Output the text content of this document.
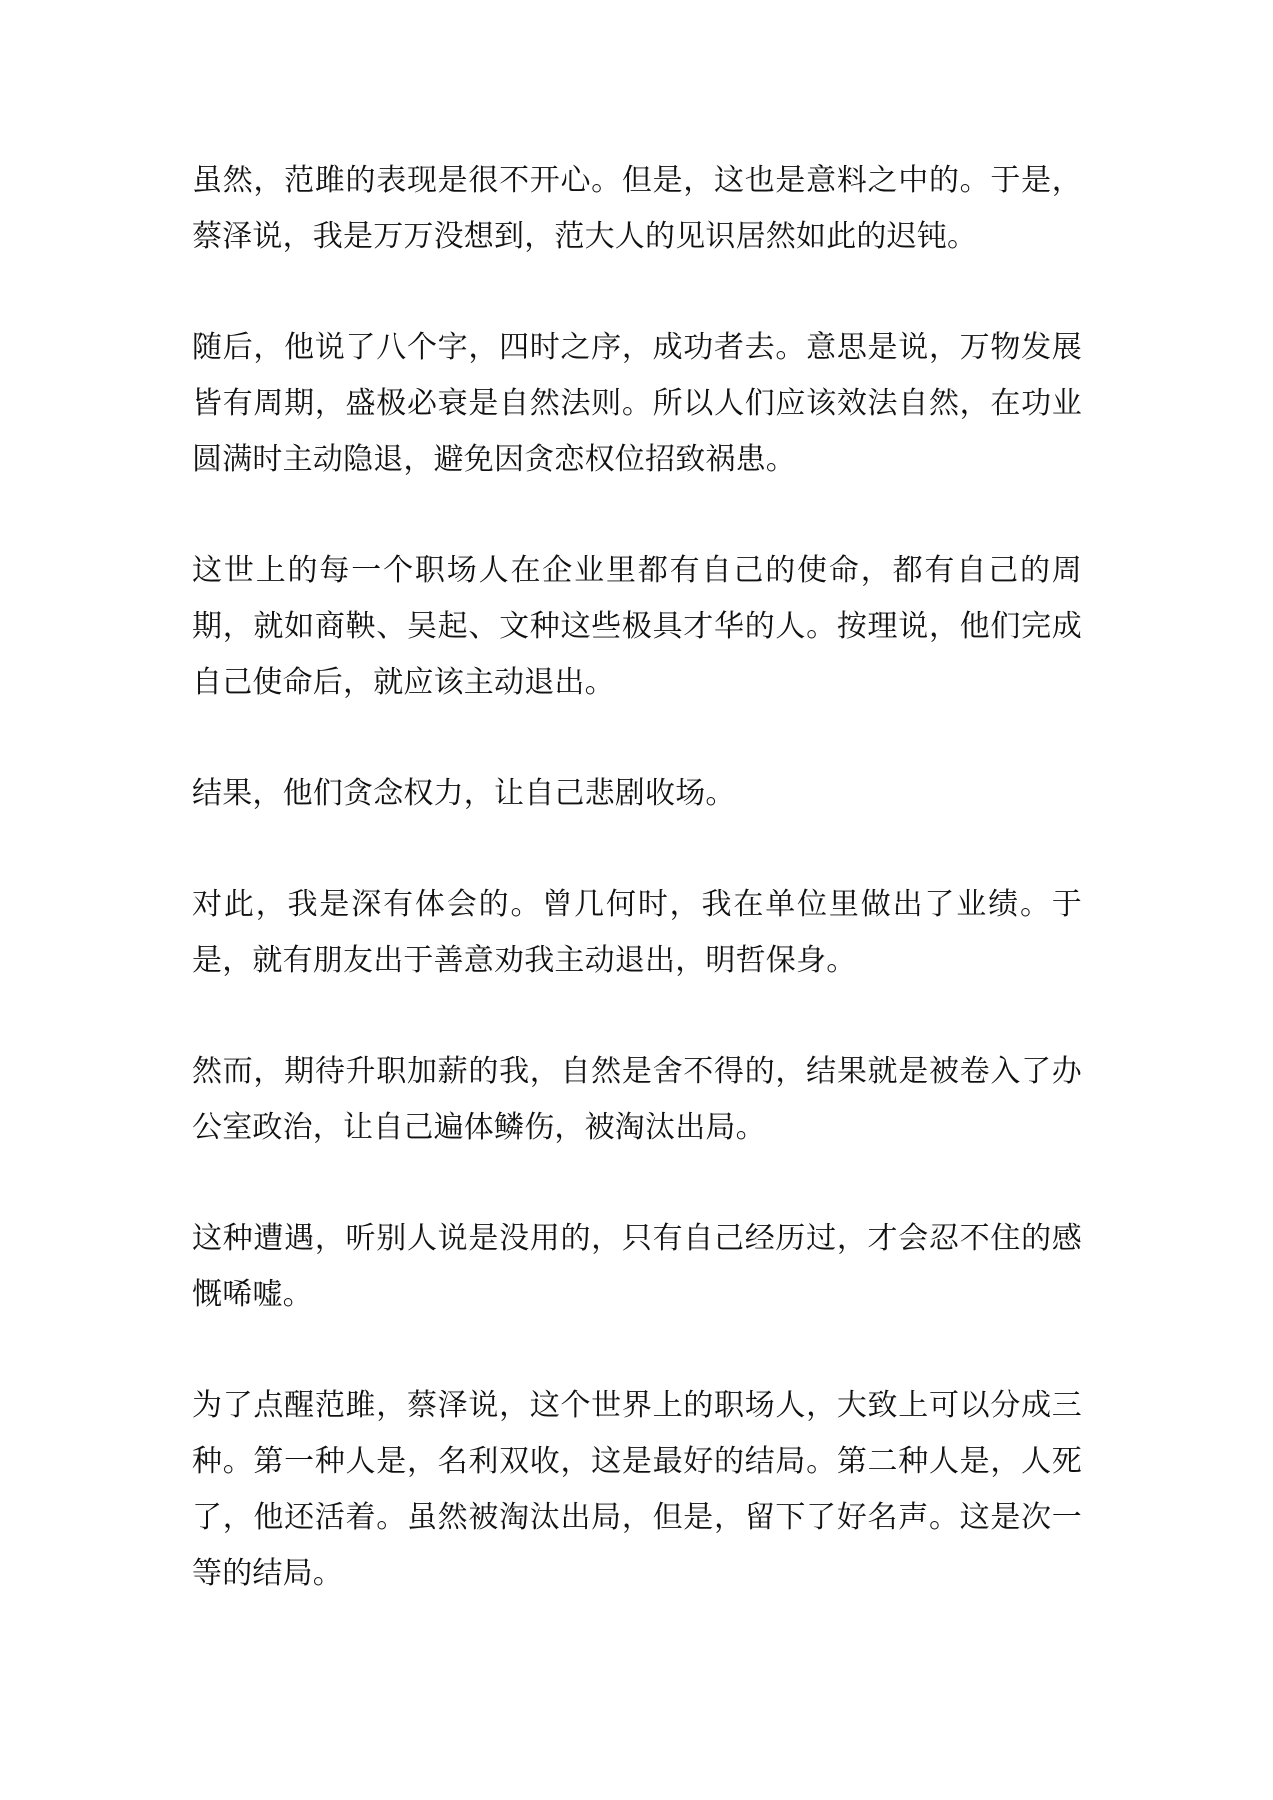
虽然，范雎的表现是很不开心。但是，这也是意料之中的。于是，蔡泽说，我是万万没想到，范大人的见识居然如此的迟钝。

随后，他说了八个字，四时之序，成功者去。意思是说，万物发展皆有周期，盛极必衰是自然法则。所以人们应该效法自然，在功业圆满时主动隐退，避免因贪恋权位招致祸患。

这世上的每一个职场人在企业里都有自己的使命，都有自己的周期，就如商鞅、吴起、文种这些极具才华的人。按理说，他们完成自己使命后，就应该主动退出。

结果，他们贪念权力，让自己悲剧收场。

对此，我是深有体会的。曾几何时，我在单位里做出了业绩。于是，就有朋友出于善意劝我主动退出，明哲保身。

然而，期待升职加薪的我，自然是舍不得的，结果就是被卷入了办公室政治，让自己遍体鳞伤，被淘汰出局。

这种遭遇，听别人说是没用的，只有自己经历过，才会忍不住的感慨唏嘘。

为了点醒范雎，蔡泽说，这个世界上的职场人，大致上可以分成三种。第一种人是，名利双收，这是最好的结局。第二种人是，人死了，他还活着。虽然被淘汰出局，但是，留下了好名声。这是次一等的结局。
